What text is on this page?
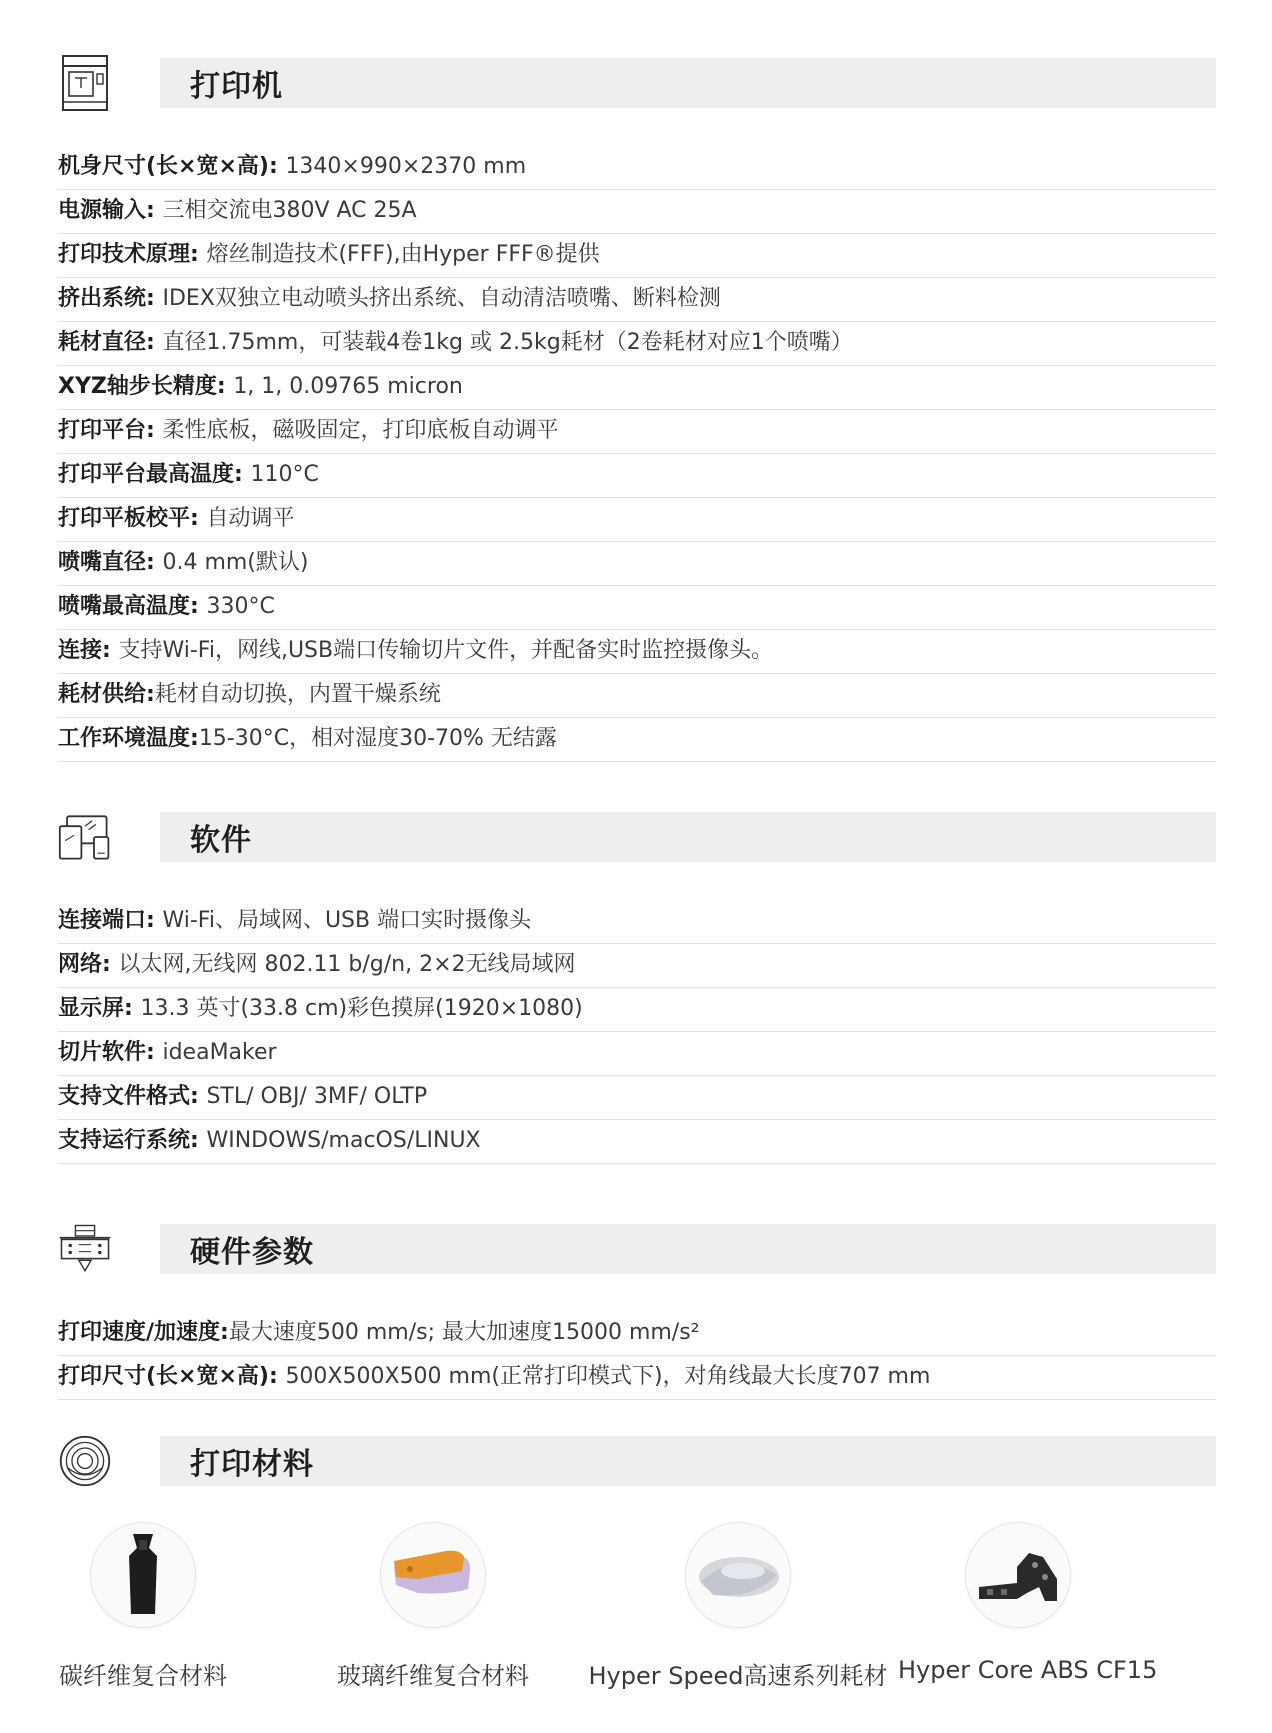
打印机
机身尺寸(长×宽×高): 1340×990×2370 mm
电源输入: 三相交流电380V AC 25A
打印技术原理: 熔丝制造技术(FFF),由Hyper FFF®提供
挤出系统: IDEX双独立电动喷头挤出系统、自动清洁喷嘴、断料检测
耗材直径: 直径1.75mm，可装载4卷1kg 或 2.5kg耗材（2卷耗材对应1个喷嘴）
XYZ轴步长精度: 1, 1, 0.09765 micron
打印平台: 柔性底板，磁吸固定，打印底板自动调平
打印平台最高温度: 110°C
打印平板校平: 自动调平
喷嘴直径: 0.4 mm(默认)
喷嘴最高温度: 330°C
连接: 支持Wi-Fi，网线,USB端口传输切片文件，并配备实时监控摄像头。
耗材供给:耗材自动切换，内置干燥系统
工作环境温度:15-30°C，相对湿度30-70% 无结露
软件
连接端口: Wi-Fi、局域网、USB 端口实时摄像头
网络: 以太网,无线网 802.11 b/g/n, 2×2无线局域网
显示屏: 13.3 英寸(33.8 cm)彩色摸屏(1920×1080)
切片软件: ideaMaker
支持文件格式: STL/ OBJ/ 3MF/ OLTP
支持运行系统: WINDOWS/macOS/LINUX
硬件参数
打印速度/加速度:最大速度500 mm/s; 最大加速度15000 mm/s²
打印尺寸(长×宽×高): 500X500X500 mm(正常打印模式下)，对角线最大长度707 mm
打印材料
碳纤维复合材料	玻璃纤维复合材料	Hyper Speed高速系列耗材 Hyper Core ABS CF15
